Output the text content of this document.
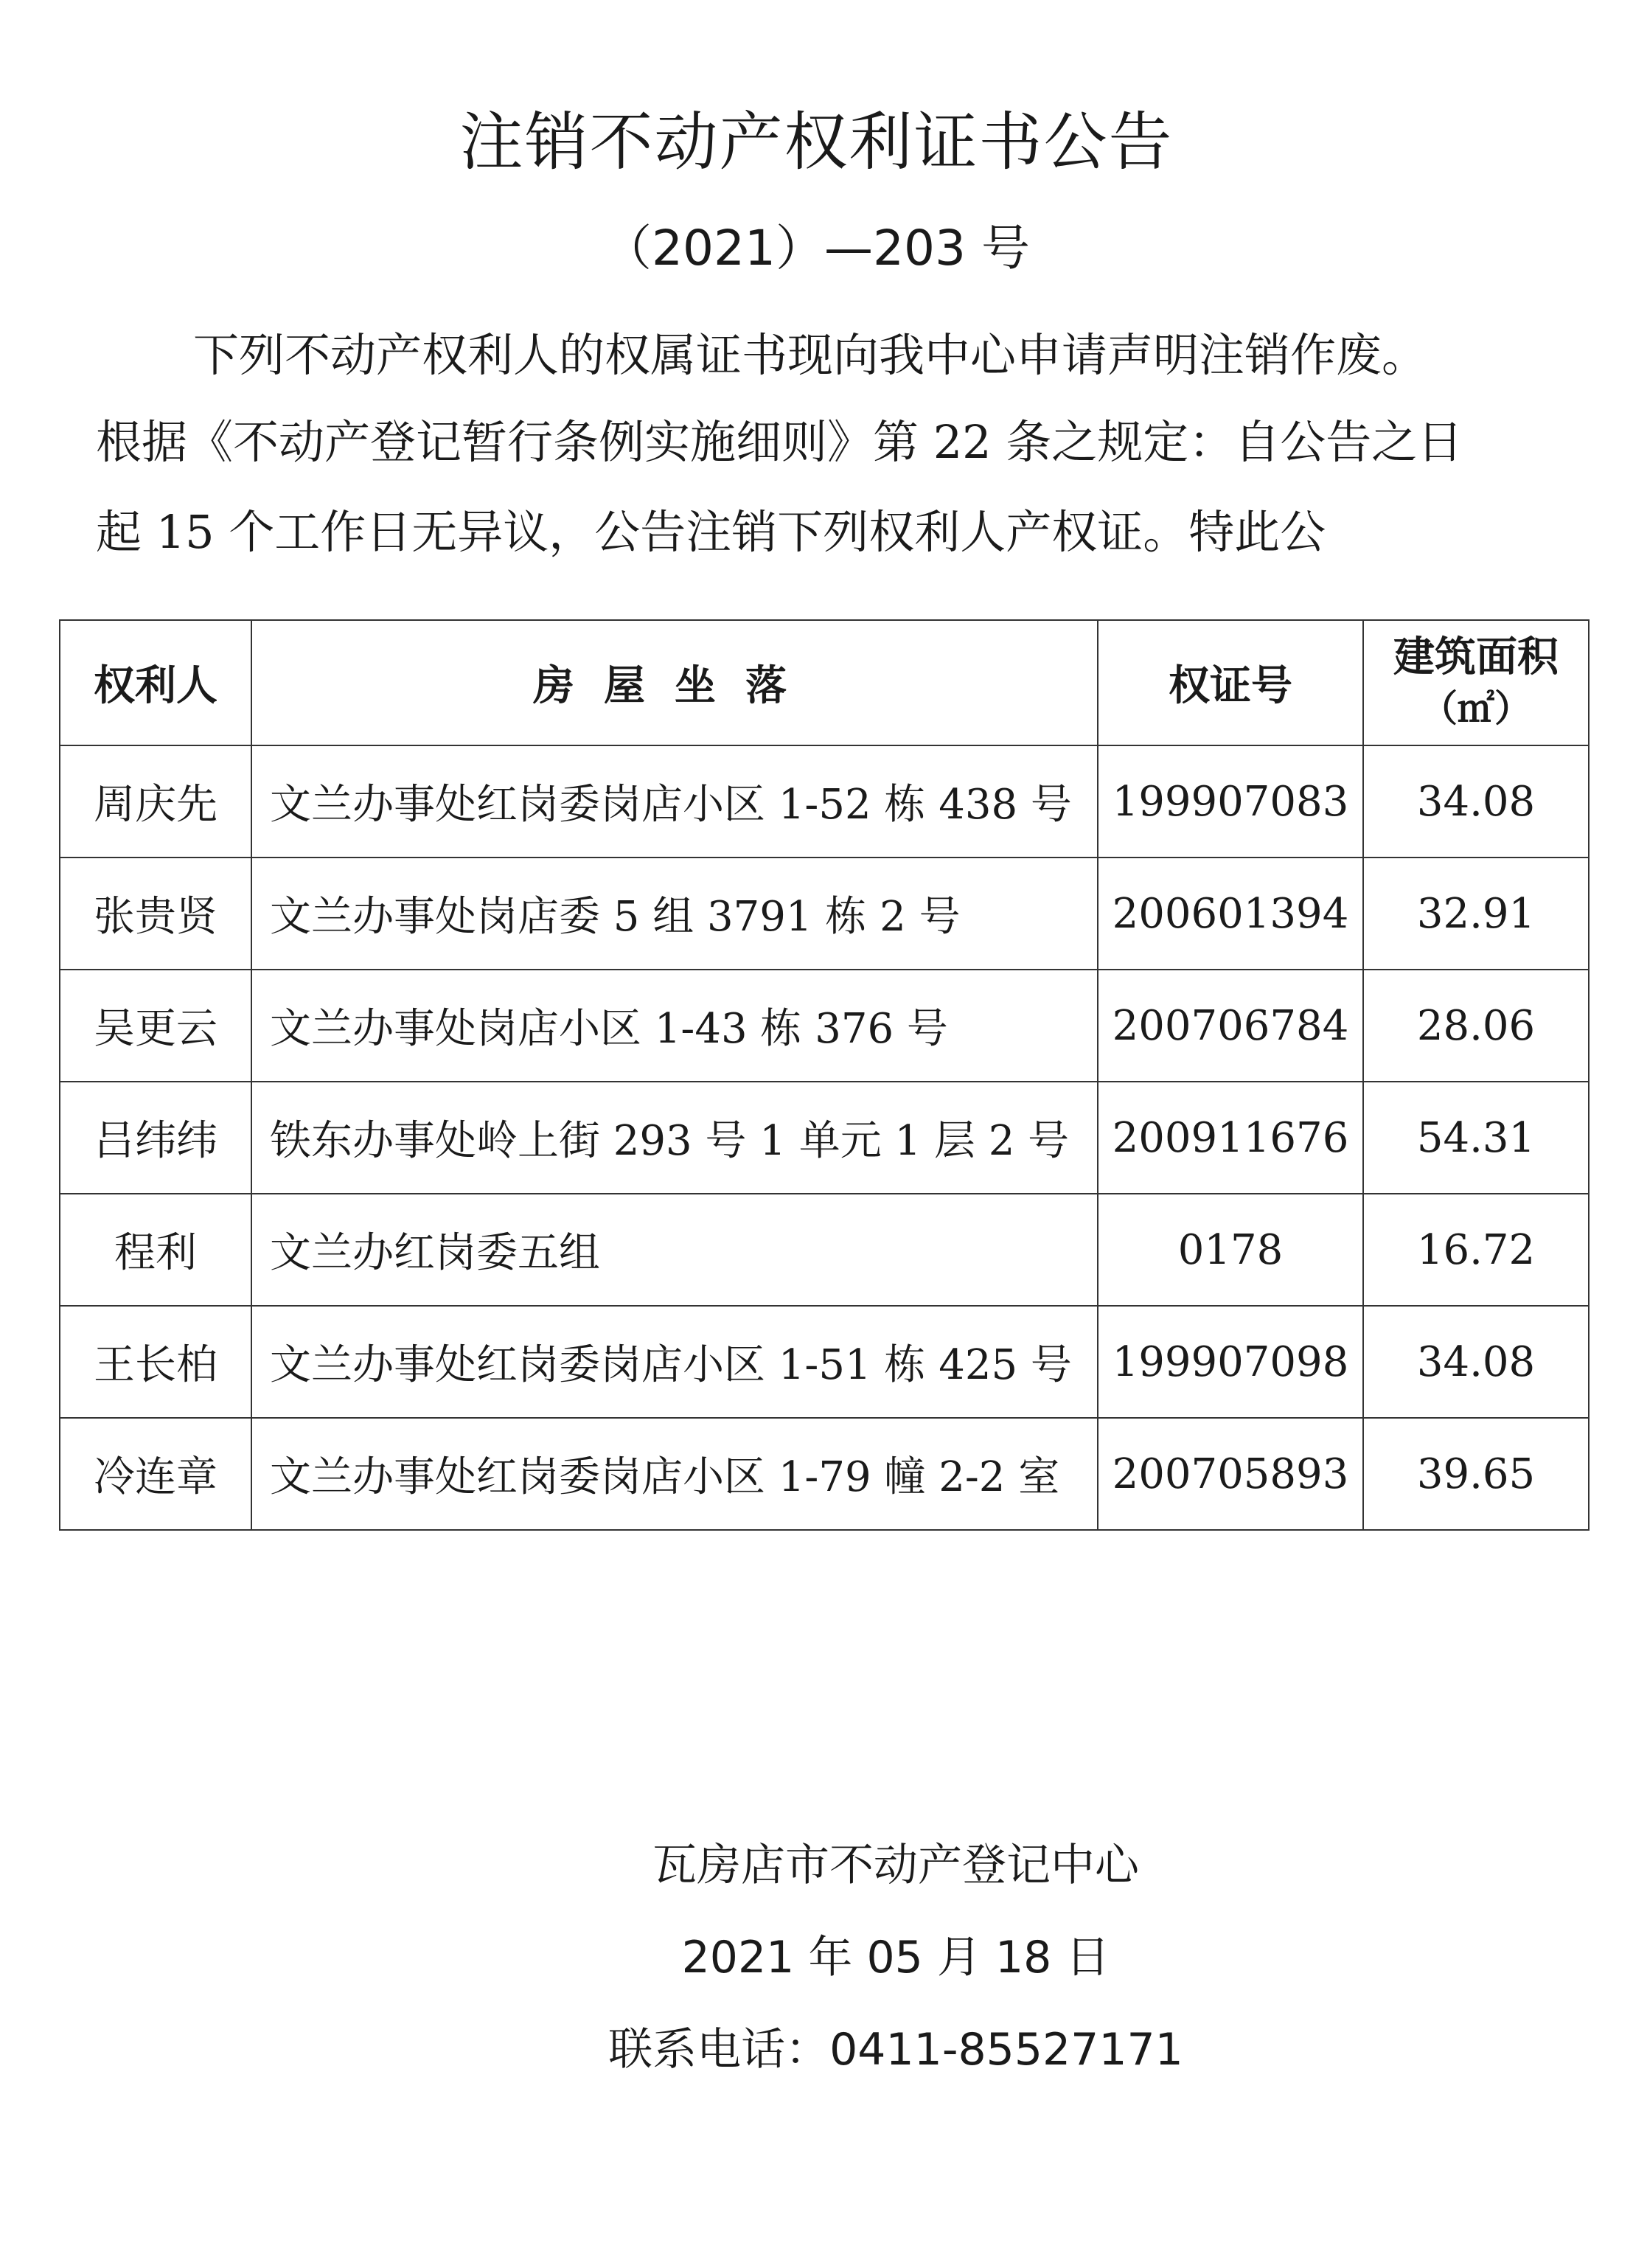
注销不动产权利证书公告
（2021）—203 号
下列不动产权利人的权属证书现向我中心申请声明注销作废。
根据《不动产登记暂行条例实施细则》第 22 条之规定：自公告之日
起 15 个工作日无异议，公告注销下列权利人产权证。特此公
权利人	房屋坐落	权证号	建筑面积
（㎡）

周庆先	文兰办事处红岗委岗店小区 1-52 栋 438 号	199907083	34.08
张贵贤	文兰办事处岗店委 5 组 3791 栋 2 号	200601394	32.91
吴更云	文兰办事处岗店小区 1-43 栋 376 号	200706784	28.06
吕纬纬	铁东办事处岭上街 293 号 1 单元 1 层 2 号	200911676	54.31
程利	文兰办红岗委五组	0178	16.72
王长柏	文兰办事处红岗委岗店小区 1-51 栋 425 号	199907098	34.08
冷连章	文兰办事处红岗委岗店小区 1-79 幢 2-2 室	200705893	39.65
瓦房店市不动产登记中心
2021 年 05 月 18 日
联系电话：0411-85527171
